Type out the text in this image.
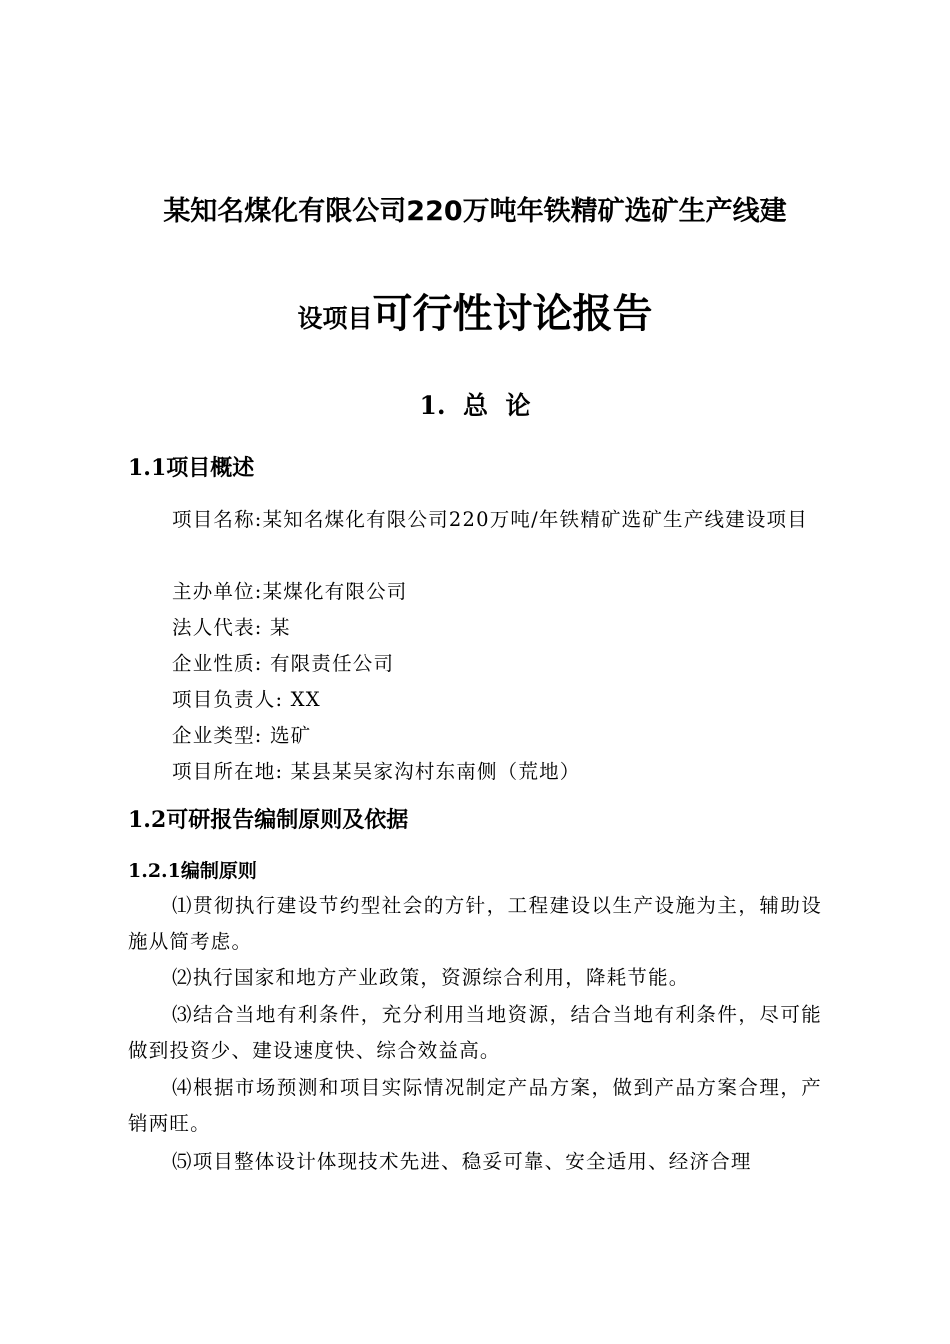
某知名煤化有限公司220万吨年铁精矿选矿生产线建
设项目可行性讨论报告
1.  总  论
1.1项目概述
项目名称:某知名煤化有限公司220万吨/年铁精矿选矿生产线建设项目
主办单位:某煤化有限公司
法人代表: 某
企业性质: 有限责任公司
项目负责人: XX
企业类型: 选矿
项目所在地: 某县某吴家沟村东南侧（荒地）
1.2可研报告编制原则及依据
1.2.1编制原则
⑴贯彻执行建设节约型社会的方针，工程建设以生产设施为主，辅助设施从简考虑。
⑵执行国家和地方产业政策，资源综合利用，降耗节能。
⑶结合当地有利条件，充分利用当地资源，结合当地有利条件，尽可能做到投资少、建设速度快、综合效益高。
⑷根据市场预测和项目实际情况制定产品方案，做到产品方案合理，产销两旺。
⑸项目整体设计体现技术先进、稳妥可靠、安全适用、经济合理
